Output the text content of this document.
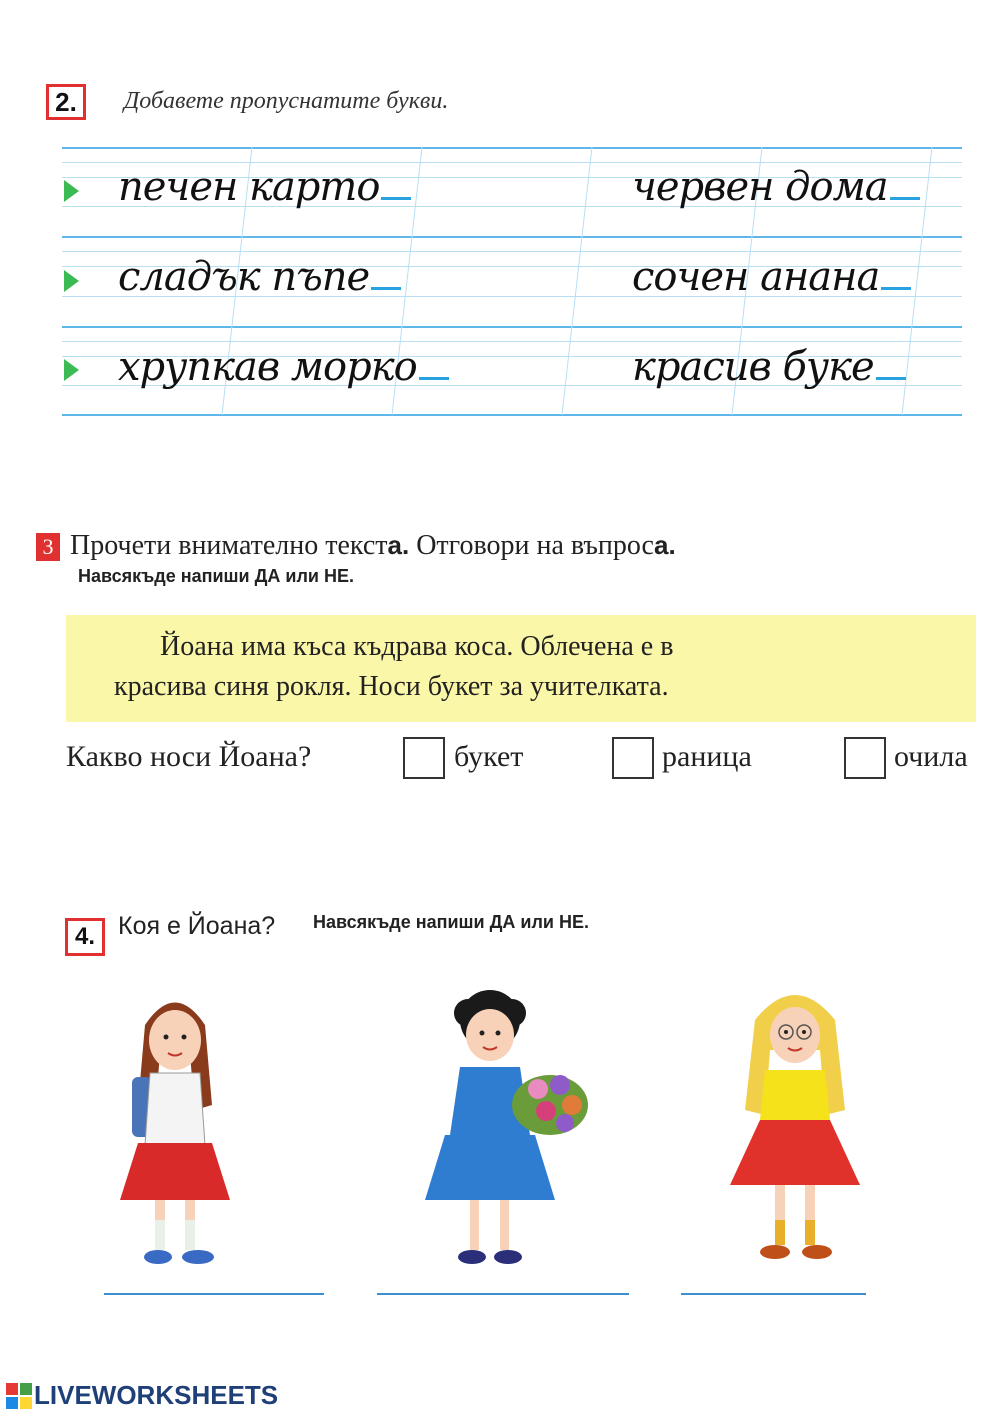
2.	Добавете пропуснатите букви.
печен карто	червен дома
сладък пъпе	сочен анана
хрупкав морко	красив буке
3 Прочети внимателно текста. Отговори на въпроса.
Навсякъде напиши ДА или НЕ.
Йоана има къса къдрава коса. Облечена е в
красива синя рокля. Носи букет за учителката.
Какво носи Йоана?	букет	раница	очила
4. Коя е Йоана? Навсякъде напиши ДА или НЕ.
LIVEWORKSHEETS
